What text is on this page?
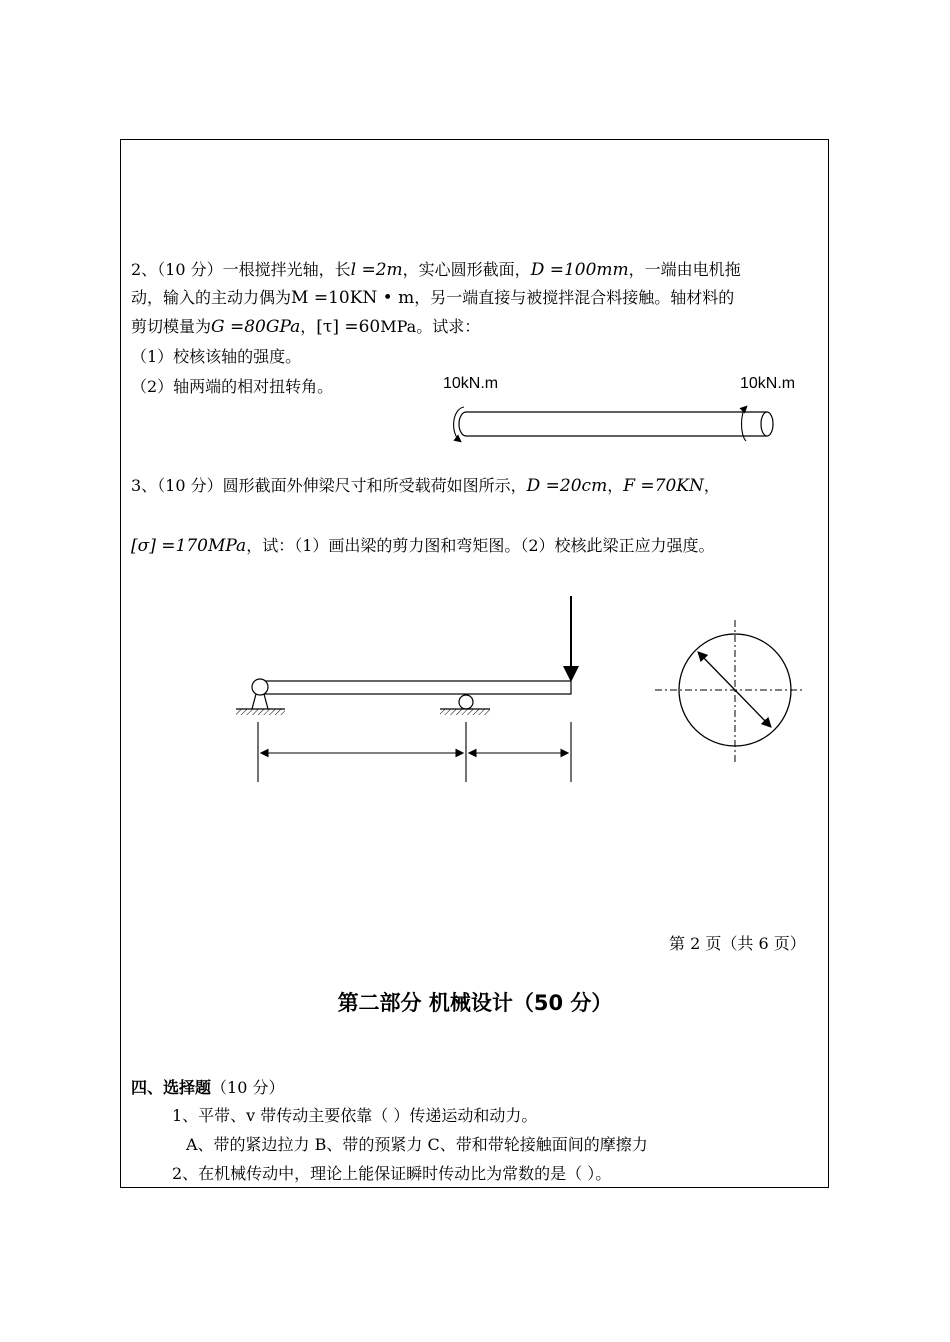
2、（10 分）一根搅拌光轴，长l =2m，实心圆形截面，D =100mm，一端由电机拖
动，输入的主动力偶为M =10KN • m，另一端直接与被搅拌混合料接触。轴材料的
剪切模量为G =80GPa，[τ] =60MPa。试求：
（1）校核该轴的强度。
（2）轴两端的相对扭转角。	10kN.m	10kN.m
3、（10 分）圆形截面外伸梁尺寸和所受载荷如图所示，D =20cm，F =70KN，
[σ] =170MPa，试：（1）画出梁的剪力图和弯矩图。（2）校核此梁正应力强度。
第 2 页（共 6 页）
第二部分 机械设计（50 分）
四、选择题（10 分）
1、平带、v 带传动主要依靠（ ）传递运动和动力。
A、带的紧边拉力 B、带的预紧力 C、带和带轮接触面间的摩擦力
2、在机械传动中，理论上能保证瞬时传动比为常数的是（ ）。
